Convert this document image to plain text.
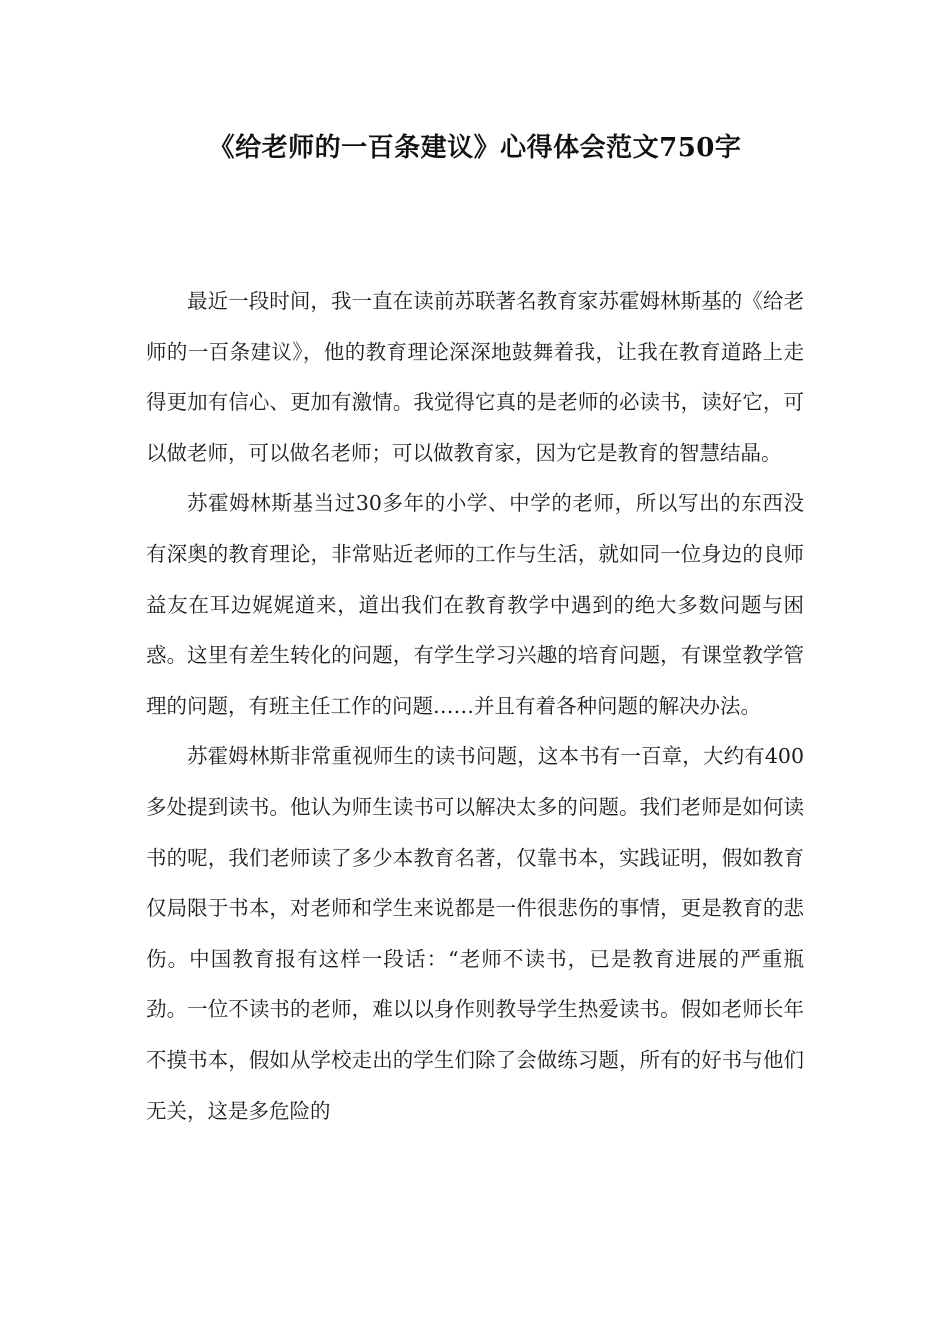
《给老师的一百条建议》心得体会范文750字

最近一段时间，我一直在读前苏联著名教育家苏霍姆林斯基的《给老师的一百条建议》，他的教育理论深深地鼓舞着我，让我在教育道路上走得更加有信心、更加有激情。我觉得它真的是老师的必读书，读好它，可以做老师，可以做名老师；可以做教育家，因为它是教育的智慧结晶。

苏霍姆林斯基当过30多年的小学、中学的老师，所以写出的东西没有深奥的教育理论，非常贴近老师的工作与生活，就如同一位身边的良师益友在耳边娓娓道来，道出我们在教育教学中遇到的绝大多数问题与困惑。这里有差生转化的问题，有学生学习兴趣的培育问题，有课堂教学管理的问题，有班主任工作的问题……并且有着各种问题的解决办法。

苏霍姆林斯非常重视师生的读书问题，这本书有一百章，大约有400多处提到读书。他认为师生读书可以解决太多的问题。我们老师是如何读书的呢，我们老师读了多少本教育名著，仅靠书本，实践证明，假如教育仅局限于书本，对老师和学生来说都是一件很悲伤的事情，更是教育的悲伤。中国教育报有这样一段话：“老师不读书，已是教育进展的严重瓶劲。一位不读书的老师，难以以身作则教导学生热爱读书。假如老师长年不摸书本，假如从学校走出的学生们除了会做练习题，所有的好书与他们无关，这是多危险的
